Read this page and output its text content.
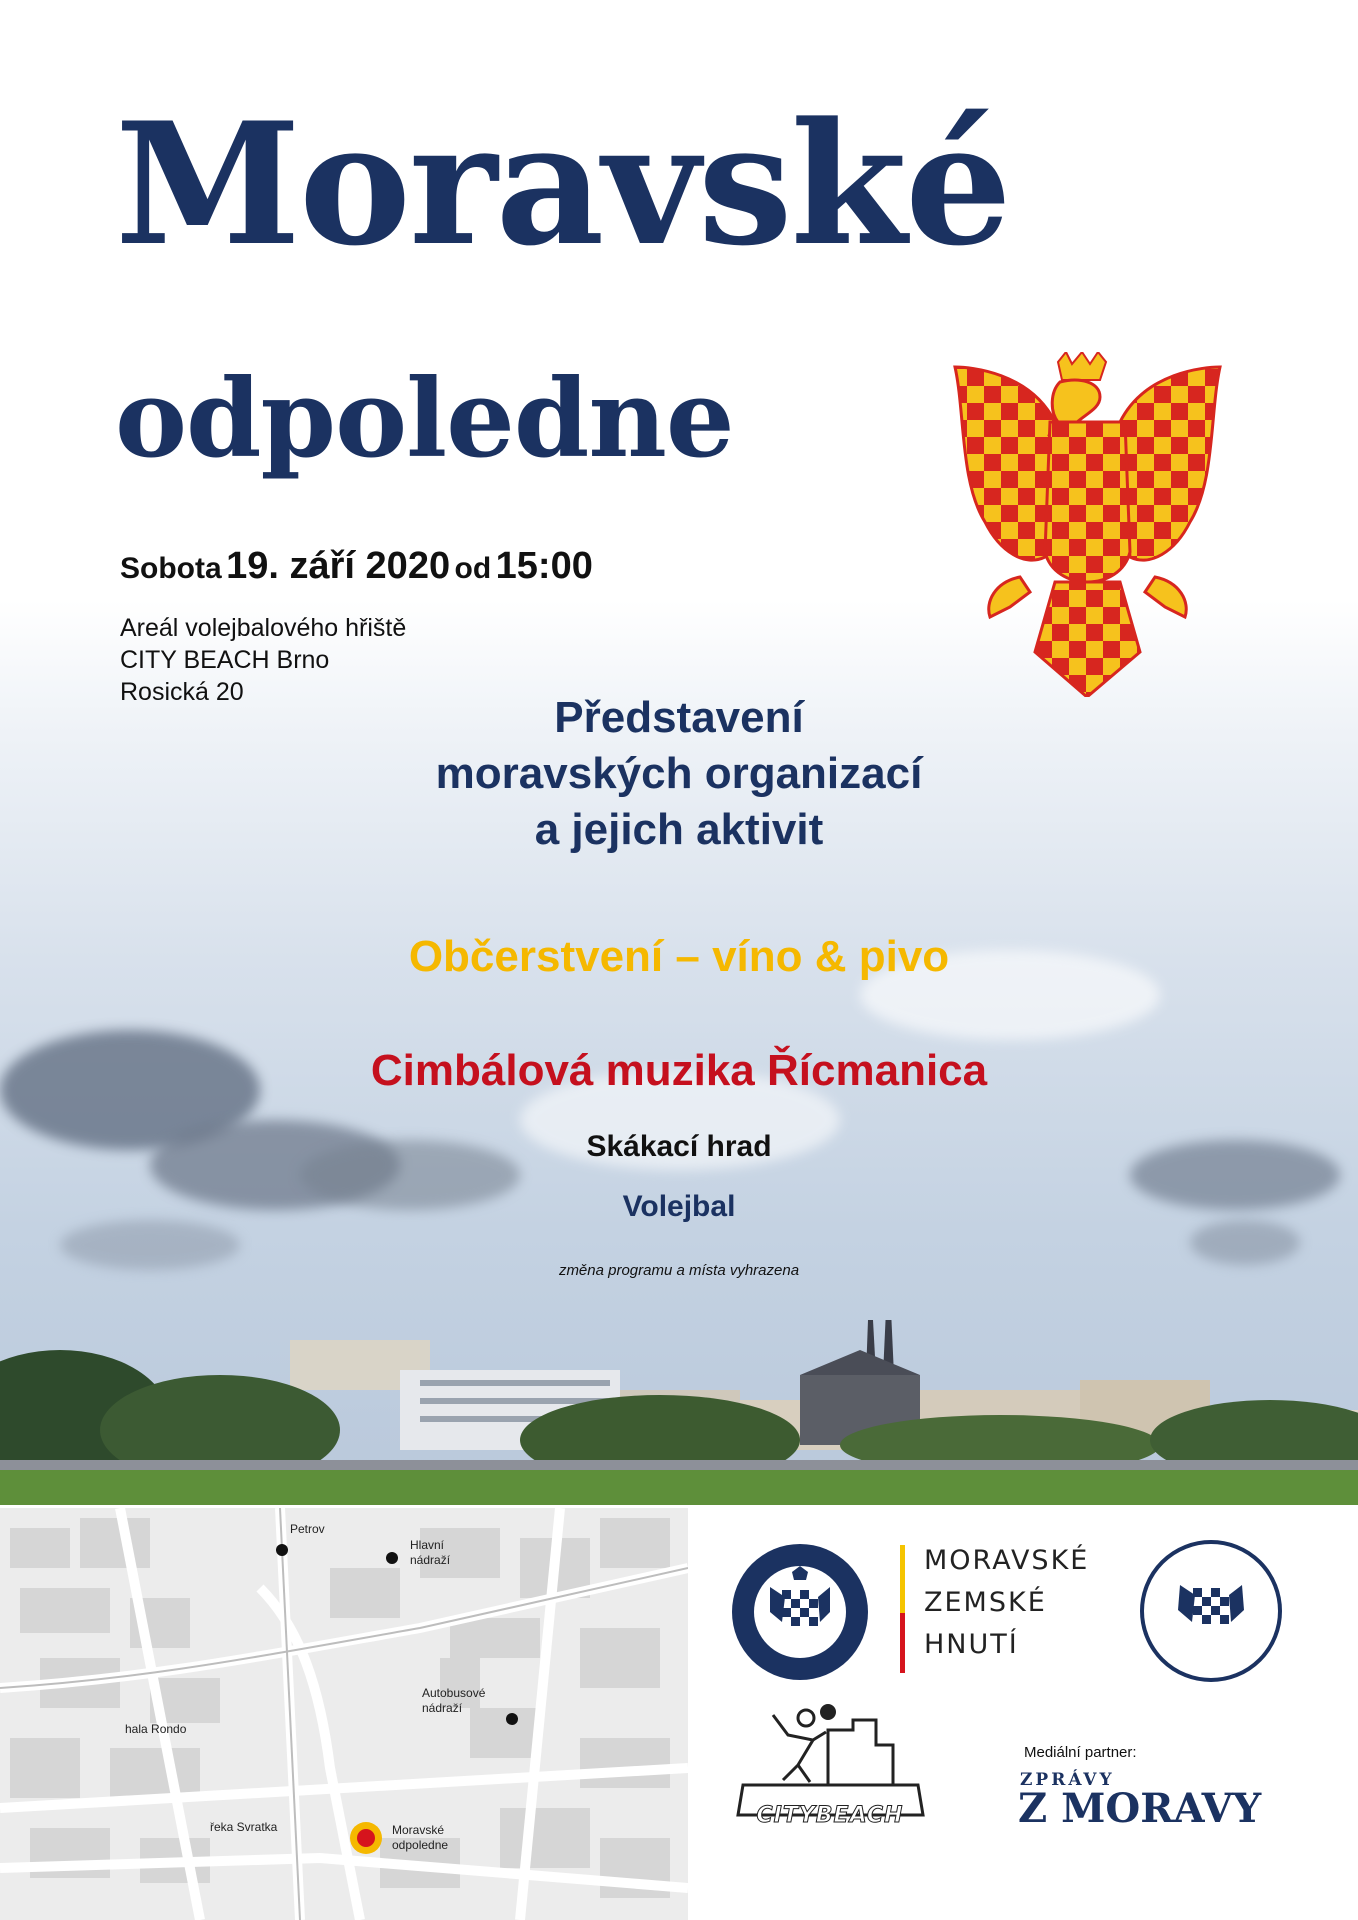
Moravské
odpoledne
Sobota 19. září 2020 od 15:00
Areál volejbalového hřiště
CITY BEACH Brno
Rosická 20
Představení
moravských organizací
a jejich aktivit
Občerstvení – víno & pivo
Cimbálová muzika Řícmanica
Skákací hrad
Volejbal
změna programu a místa vyhrazena
Petrov
Hlavní
nádraží
Autobusové
nádraží
hala Rondo
řeka Svratka	Moravské
odpoledne
MORAVSKÉ
ZEMSKÉ
HNUTÍ
CITYBEACH
Mediální partner:
ZPRÁVY
Z MORAVY
